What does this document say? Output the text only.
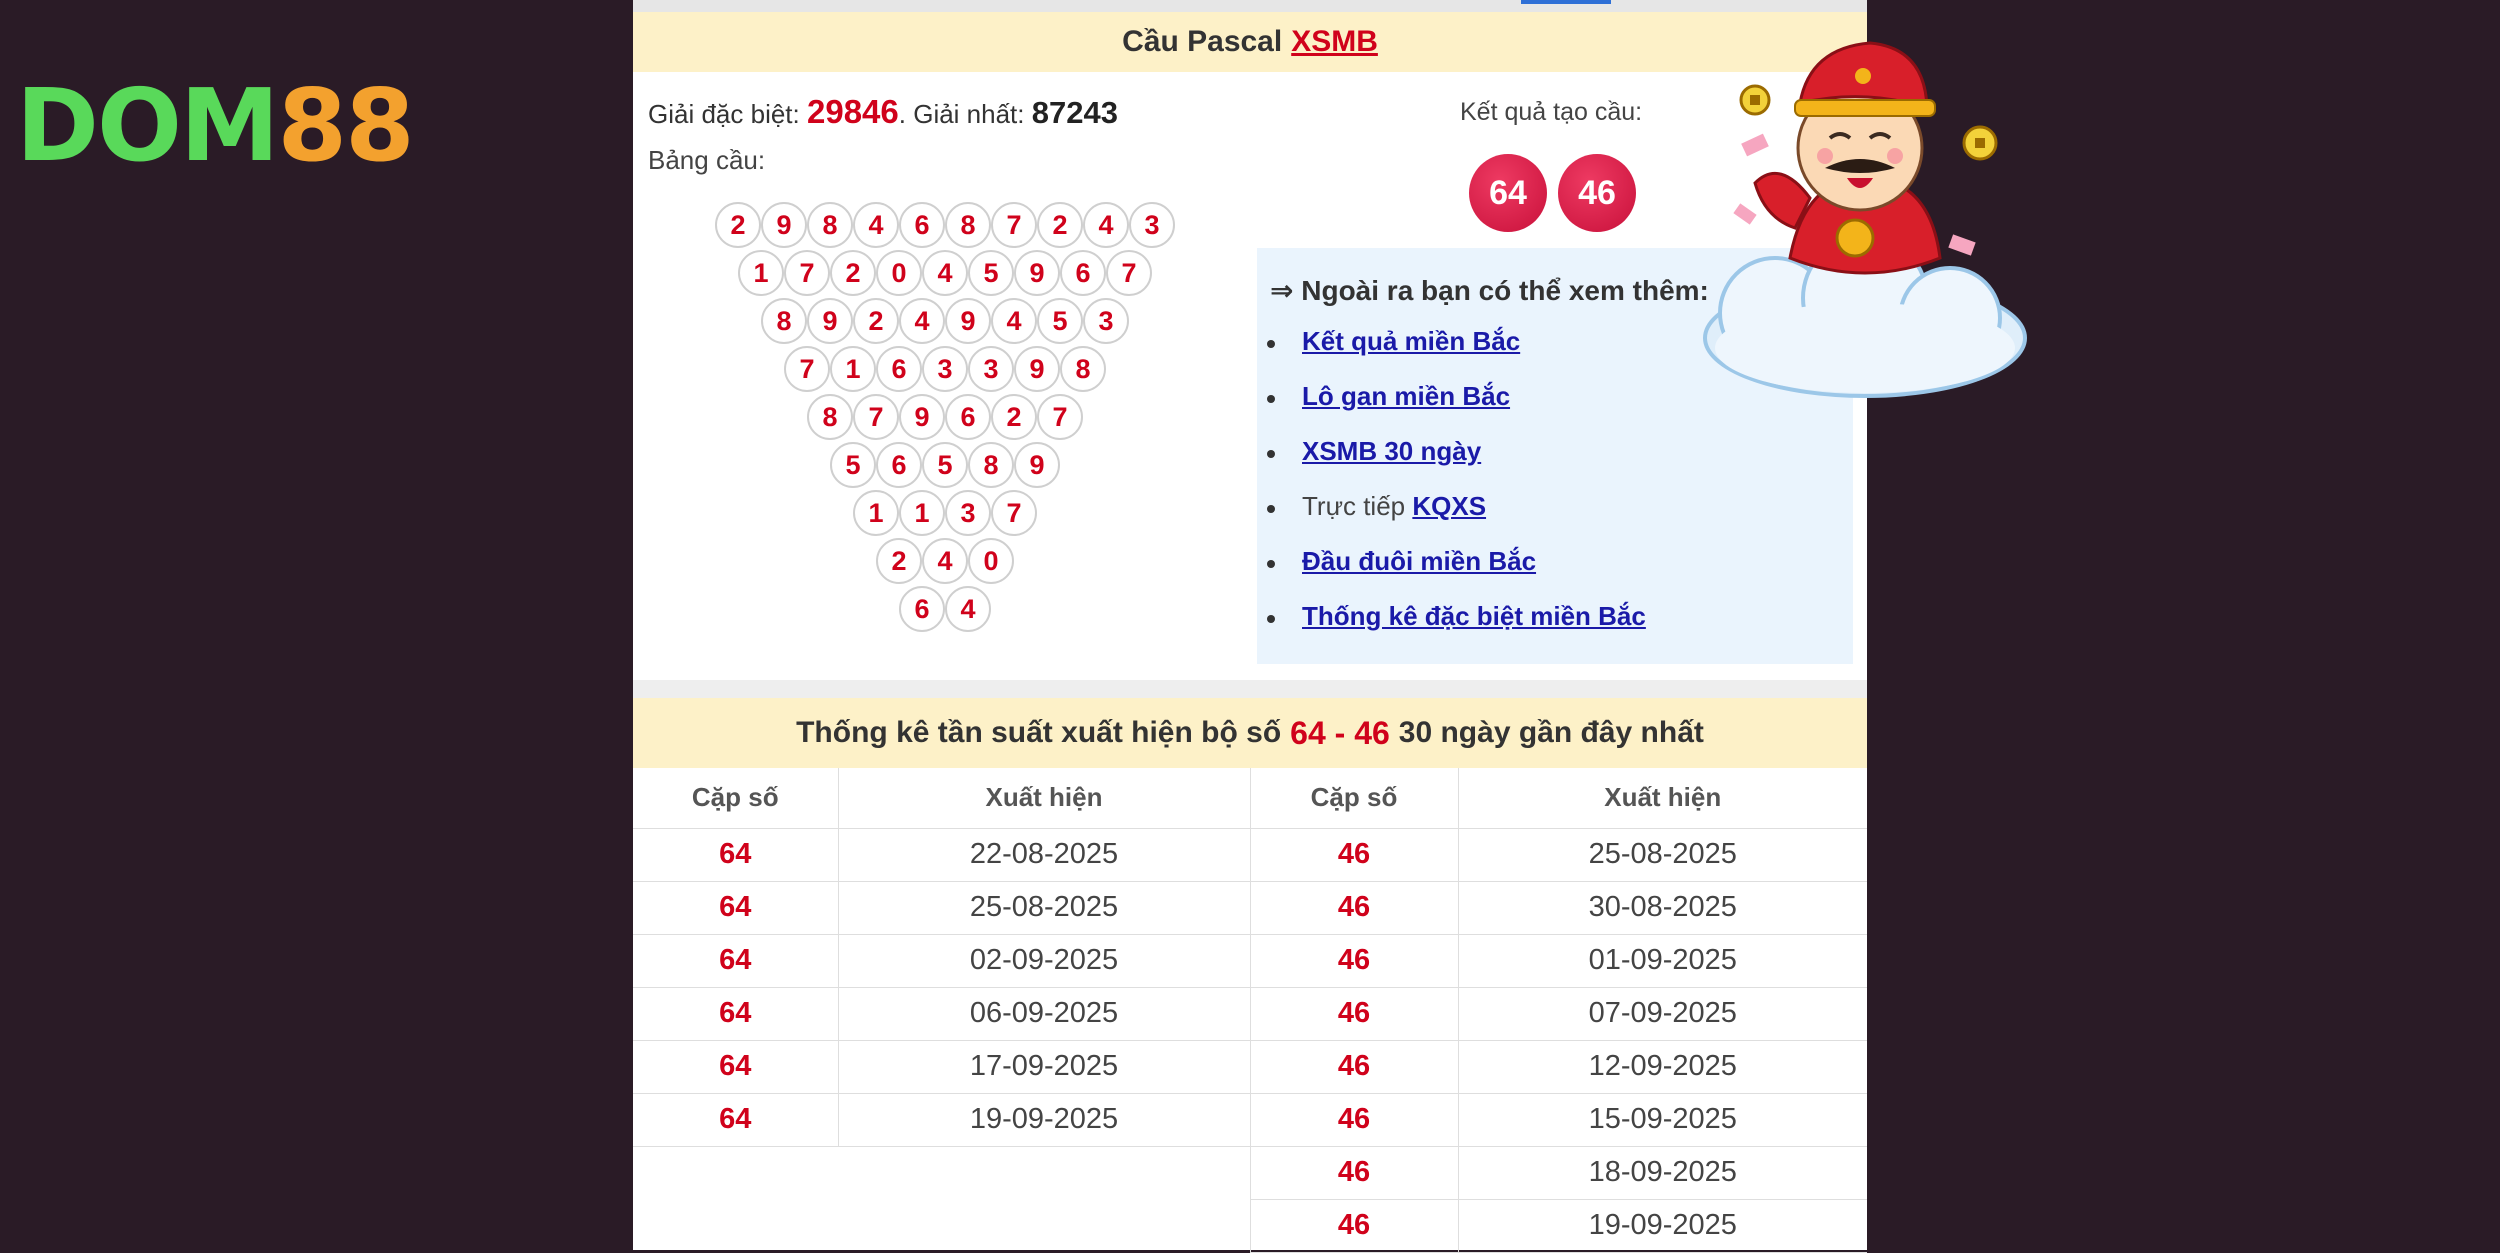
DOM 88
Cầu Pascal XSMB
Giải đặc biệt: 29846. Giải nhất: 87243
Bảng cầu:
2	9	8	4	6	8	7	2	4	3
1	7	2	0	4	5	9	6	7
8	9	2	4	9	4	5	3
7	1	6	3	3	9	8
8	7	9	6	2	7
5	6	5	8	9
1	1	3	7
2	4	0
6	4
Kết quả tạo cầu:
64	46
⇒ Ngoài ra bạn có thể xem thêm:
Kết quả miền Bắc
Lô gan miền Bắc
XSMB 30 ngày
Trực tiếp KQXS
Đầu đuôi miền Bắc
Thống kê đặc biệt miền Bắc
Thống kê tần suất xuất hiện bộ số 64 - 46 30 ngày gần đây nhất
Cặp số	Xuất hiện	Cặp số	Xuất hiện
64	22-08-2025	46	25-08-2025
64	25-08-2025	46	30-08-2025
64	02-09-2025	46	01-09-2025
64	06-09-2025	46	07-09-2025
64	17-09-2025	46	12-09-2025
64	19-09-2025	46	15-09-2025
		46	18-09-2025
		46	19-09-2025
